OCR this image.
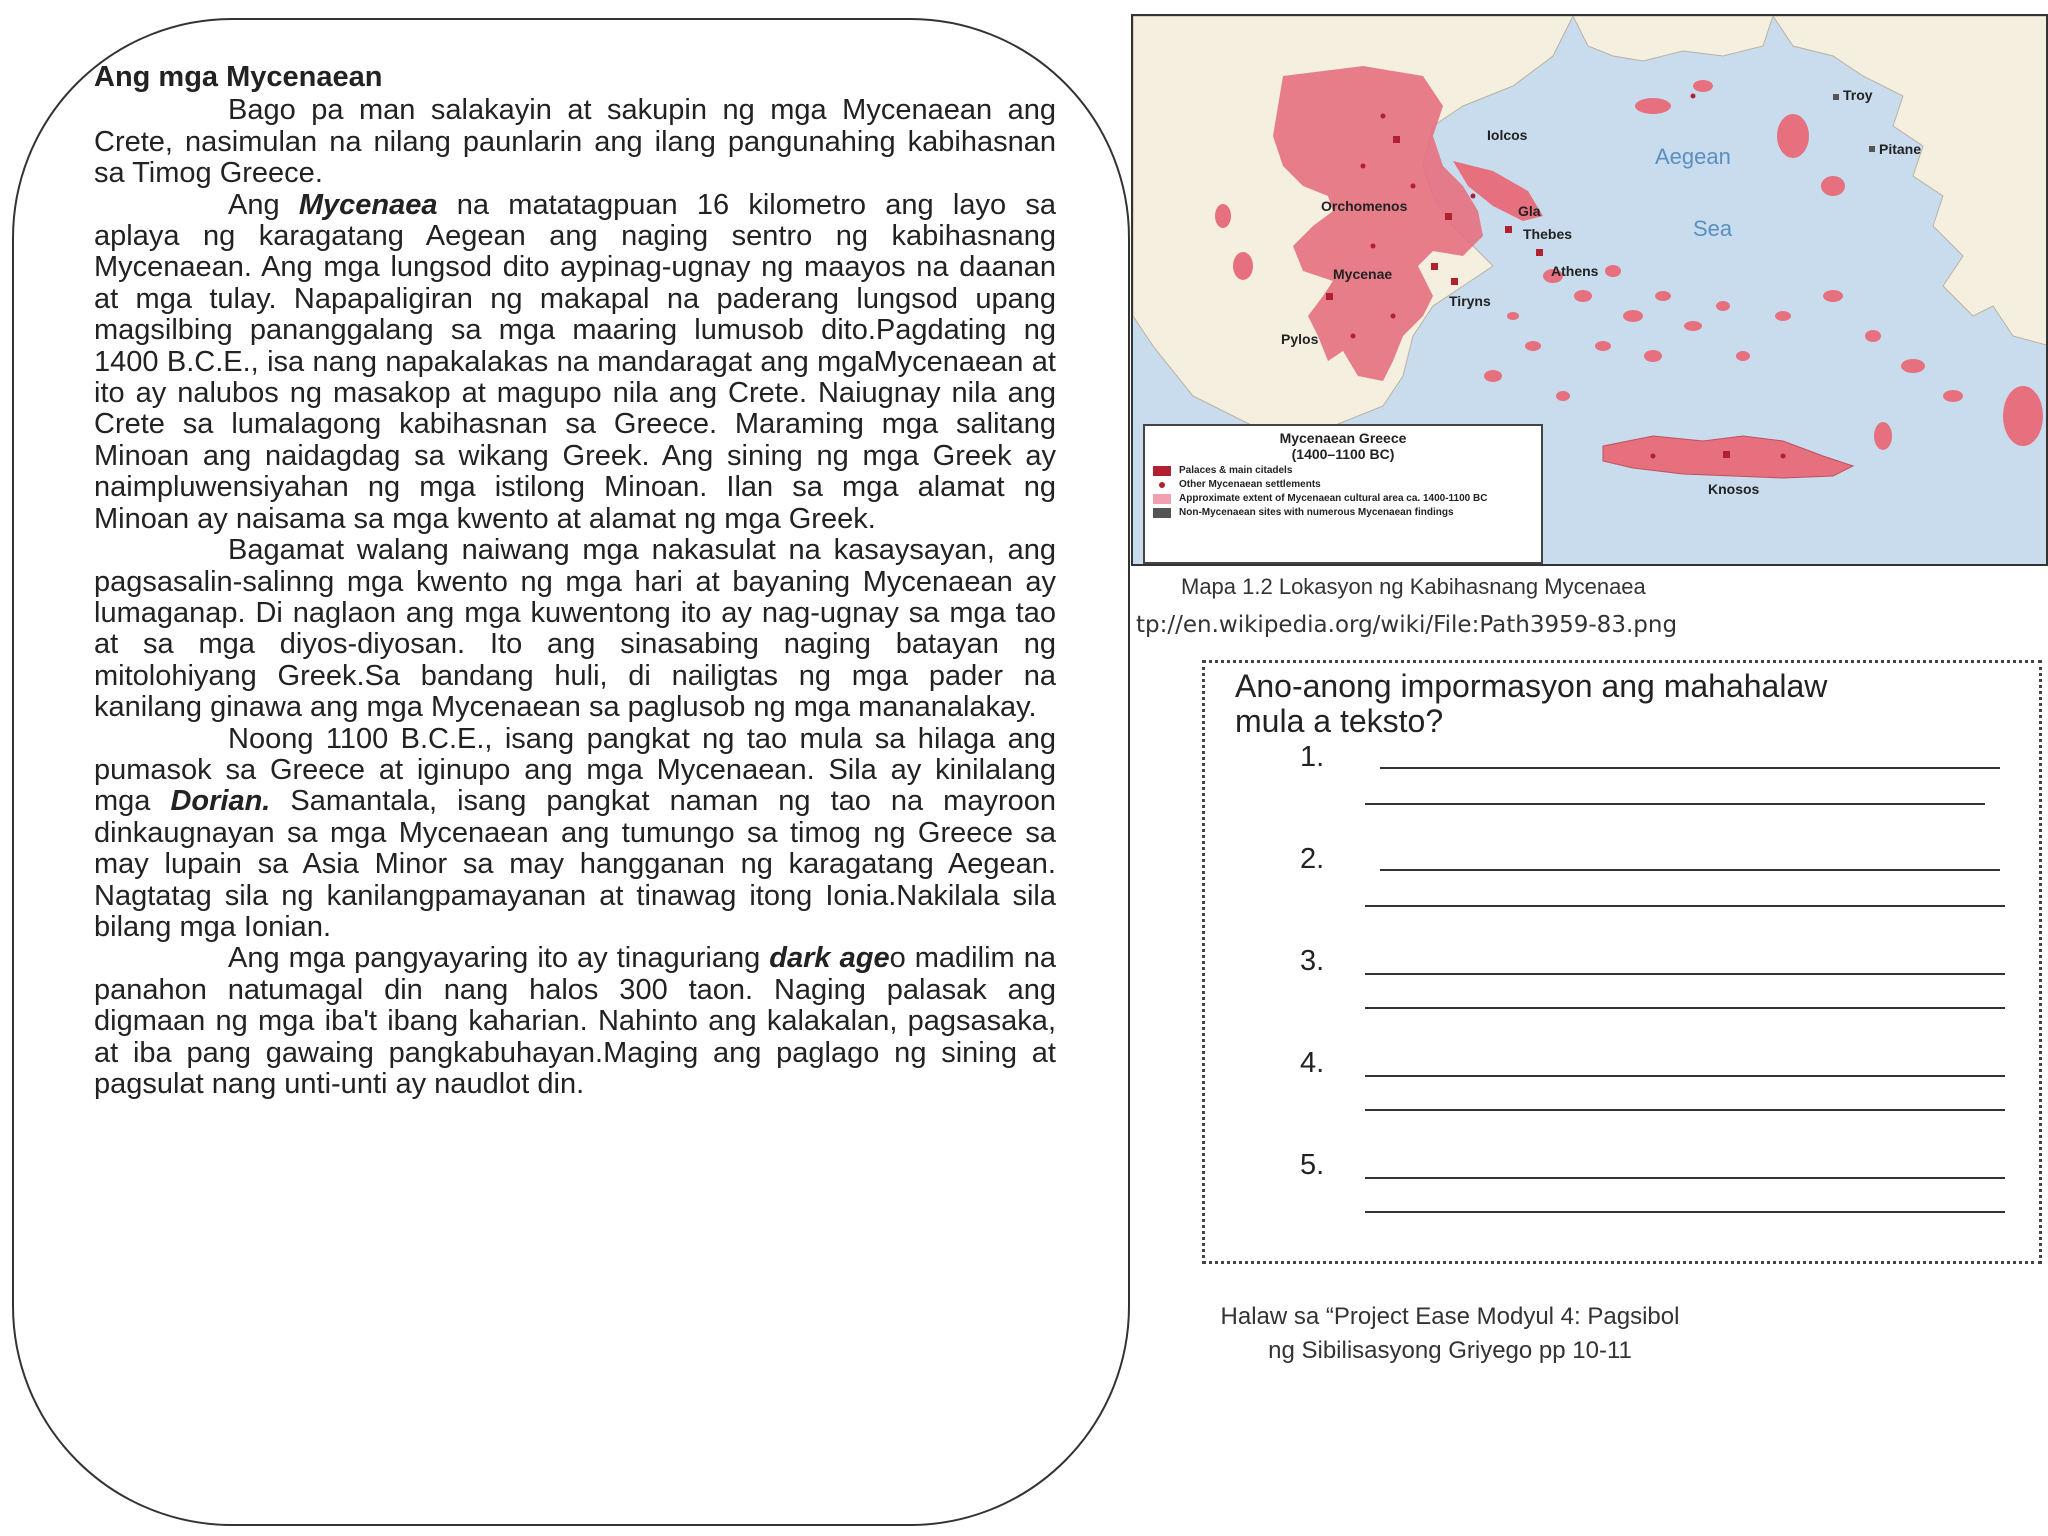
Ang mga Mycenaean

Bago pa man salakayin at sakupin ng mga Mycenaean ang Crete, nasimulan na nilang paunlarin ang ilang pangunahing kabihasnan sa Timog Greece.

Ang Mycenaea na matatagpuan 16 kilometro ang layo sa aplaya ng karagatang Aegean ang naging sentro ng kabihasnang Mycenaean. Ang mga lungsod dito aypinag-ugnay ng maayos na daanan at mga tulay. Napapaligiran ng makapal na paderang lungsod upang magsilbing pananggalang sa mga maaring lumusob dito.Pagdating ng 1400 B.C.E., isa nang napakalakas na mandaragat ang mgaMycenaean at ito ay nalubos ng masakop at magupo nila ang Crete. Naiugnay nila ang Crete sa lumalagong kabihasnan sa Greece. Maraming mga salitang Minoan ang naidagdag sa wikang Greek. Ang sining ng mga Greek ay naimpluwensiyahan ng mga istilong Minoan. Ilan sa mga alamat ng Minoan ay naisama sa mga kwento at alamat ng mga Greek.

Bagamat walang naiwang mga nakasulat na kasaysayan, ang pagsasalin-salinng mga kwento ng mga hari at bayaning Mycenaean ay lumaganap. Di naglaon ang mga kuwentong ito ay nag-ugnay sa mga tao at sa mga diyos-diyosan. Ito ang sinasabing naging batayan ng mitolohiyang Greek.Sa bandang huli, di nailigtas ng mga pader na kanilang ginawa ang mga Mycenaean sa paglusob ng mga mananalakay.

Noong 1100 B.C.E., isang pangkat ng tao mula sa hilaga ang pumasok sa Greece at iginupo ang mga Mycenaean. Sila ay kinilalang mga Dorian. Samantala, isang pangkat naman ng tao na mayroon dinkaugnayan sa mga Mycenaean ang tumungo sa timog ng Greece sa may lupain sa Asia Minor sa may hangganan ng karagatang Aegean. Nagtatag sila ng kanilangpamayanan at tinawag itong Ionia.Nakilala sila bilang mga Ionian.

Ang mga pangyayaring ito ay tinaguriang dark ageo madilim na panahon natumagal din nang halos 300 taon. Naging palasak ang digmaan ng mga iba't ibang kaharian. Nahinto ang kalakalan, pagsasaka, at iba pang gawaing pangkabuhayan.Maging ang paglago ng sining at pagsulat nang unti-unti ay naudlot din.

Troy
Pitane
Iolcos
Orchomenos	Gla
Thebes
Athens
Mycenae
Tiryns
Pylos
Knosos
Aegean
Sea
Mycenaean Greece
(1400–1100 BC)
Palaces & main citadels
Other Mycenaean settlements
Approximate extent of Mycenaean cultural area ca. 1400-1100 BC
Non-Mycenaean sites with numerous Mycenaean findings
Mapa 1.2 Lokasyon ng Kabihasnang Mycenaea
tp://en.wikipedia.org/wiki/File:Path3959-83.png
Ano-anong impormasyon ang mahahalaw mula a teksto?
1.
2.
3.
4.
5.
Halaw sa “Project Ease Modyul 4: Pagsibol
ng Sibilisasyong Griyego pp 10-11
